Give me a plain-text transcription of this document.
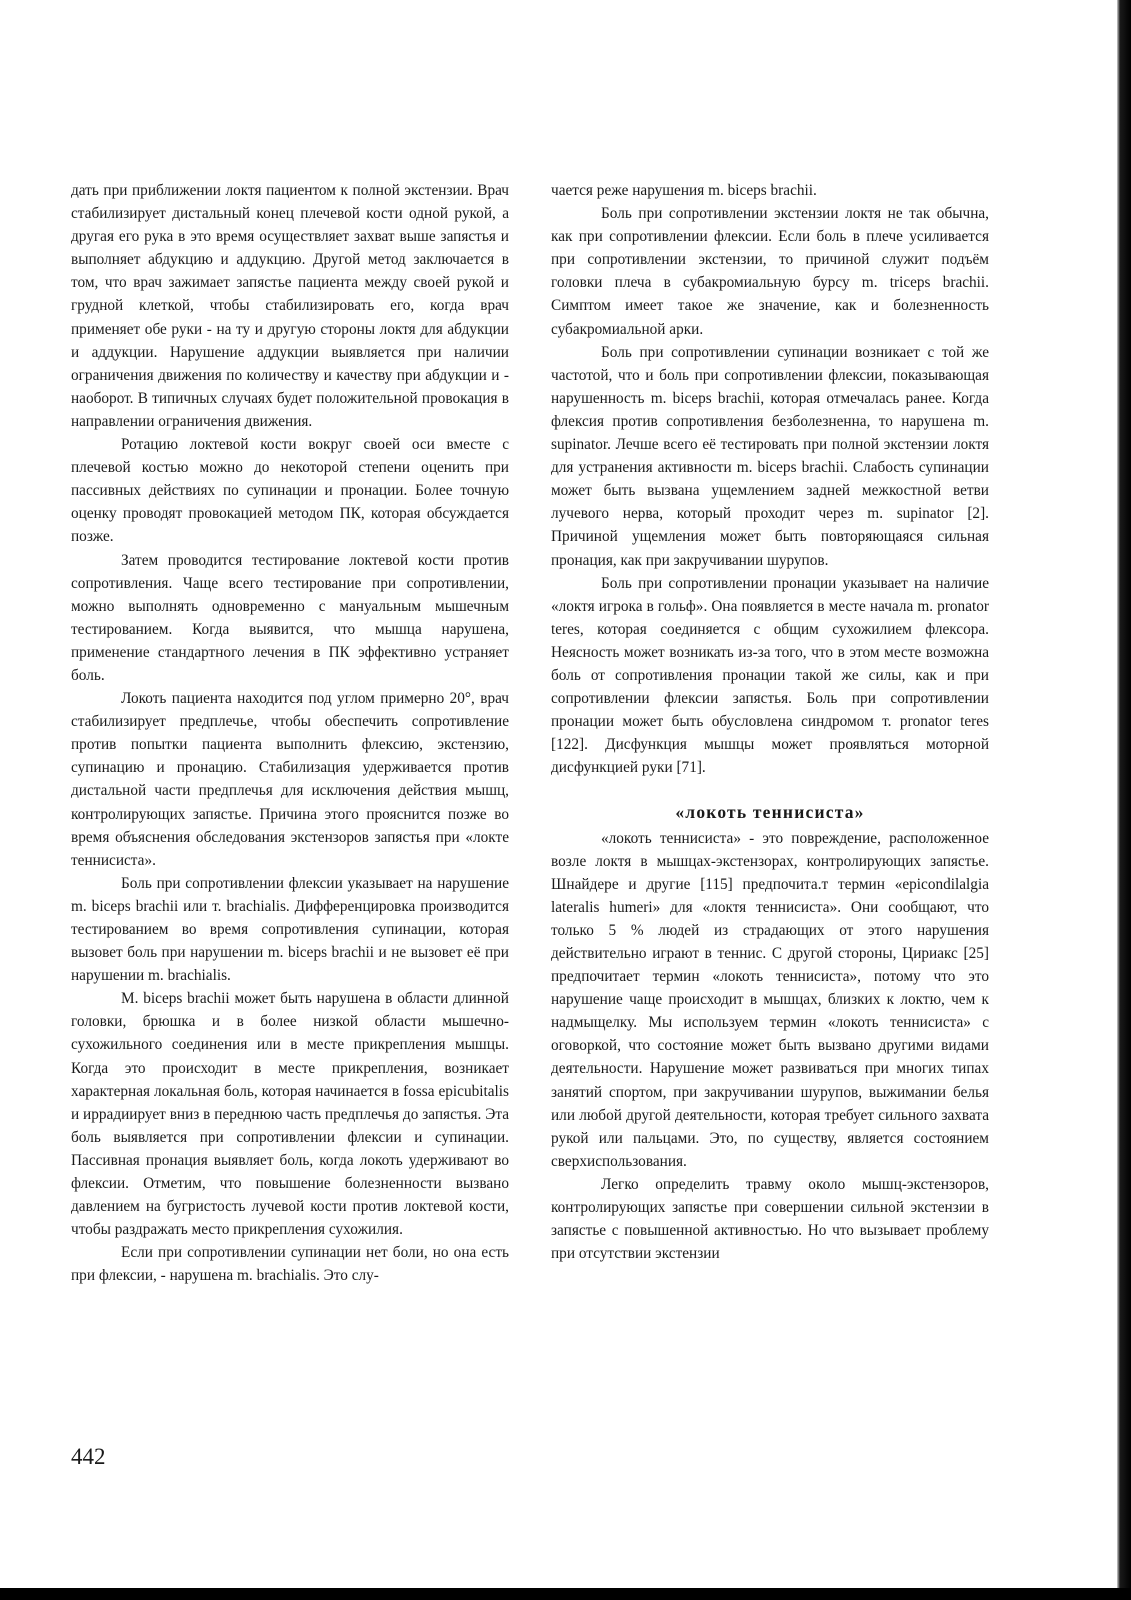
дать при приближении локтя пациентом к полной экстензии. Врач стабилизирует дистальный конец плечевой кости одной рукой, а другая его рука в это время осуществляет захват выше запястья и выполняет абдукцию и аддукцию. Другой метод заключается в том, что врач зажимает запястье пациента между своей рукой и грудной клеткой, чтобы стабилизировать его, когда врач применяет обе руки - на ту и другую стороны локтя для абдукции и аддукции. Нарушение аддукции выявляется при наличии ограничения движения по количеству и качеству при абдукции и - наоборот. В типичных случаях будет положительной провокация в направлении ограничения движения.

Ротацию локтевой кости вокруг своей оси вместе с плечевой костью можно до некоторой степени оценить при пассивных действиях по супинации и пронации. Более точную оценку проводят провокацией методом ПК, которая обсуждается позже.

Затем проводится тестирование локтевой кости против сопротивления. Чаще всего тестирование при сопротивлении, можно выполнять одновременно с мануальным мышечным тестированием. Когда выявится, что мышца нарушена, применение стандартного лечения в ПК эффективно устраняет боль.

Локоть пациента находится под углом примерно 20°, врач стабилизирует предплечье, чтобы обеспечить сопротивление против попытки пациента выполнить флексию, экстензию, супинацию и пронацию. Стабилизация удерживается против дистальной части предплечья для исключения действия мышц, контролирующих запястье. Причина этого прояснится позже во время объяснения обследования экстензоров запястья при «локте теннисиста».

Боль при сопротивлении флексии указывает на нарушение m. biceps brachii или т. brachialis. Дифференцировка производится тестированием во время сопротивления супинации, которая вызовет боль при нарушении m. biceps brachii и не вызовет её при нарушении m. brachialis.

M. biceps brachii может быть нарушена в области длинной головки, брюшка и в более низкой области мышечно-сухожильного соединения или в месте прикрепления мышцы. Когда это происходит в месте прикрепления, возникает характерная локальная боль, которая начинается в fossa epicubitalis и иррадиирует вниз в переднюю часть предплечья до запястья. Эта боль выявляется при сопротивлении флексии и супинации. Пассивная пронация выявляет боль, когда локоть удерживают во флексии. Отметим, что повышение болезненности вызвано давлением на бугристость лучевой кости против локтевой кости, чтобы раздражать место прикрепления сухожилия.

Если при сопротивлении супинации нет боли, но она есть при флексии, - нарушена m. brachialis. Это слу-

чается реже нарушения m. biceps brachii.

Боль при сопротивлении экстензии локтя не так обычна, как при сопротивлении флексии. Если боль в плече усиливается при сопротивлении экстензии, то причиной служит подъём головки плеча в субакромиальную бурсу m. triceps brachii. Симптом имеет такое же значение, как и болезненность субакромиальной арки.

Боль при сопротивлении супинации возникает с той же частотой, что и боль при сопротивлении флексии, показывающая нарушенность m. biceps brachii, которая отмечалась ранее. Когда флексия против сопротивления безболезненна, то нарушена m. supinator. Лечше всего её тестировать при полной экстензии локтя для устранения активности m. biceps brachii. Слабость супинации может быть вызвана ущемлением задней межкостной ветви лучевого нерва, который проходит через m. supinator [2]. Причиной ущемления может быть повторяющаяся сильная пронация, как при закручивании шурупов.

Боль при сопротивлении пронации указывает на наличие «локтя игрока в гольф». Она появляется в месте начала m. pronator teres, которая соединяется с общим сухожилием флексора. Неясность может возникать из-за того, что в этом месте возможна боль от сопротивления пронации такой же силы, как и при сопротивлении флексии запястья. Боль при сопротивлении пронации может быть обусловлена синдромом т. pronator teres [122]. Дисфункция мышцы может проявляться моторной дисфункцией руки [71].

«локоть теннисиста»

«локоть теннисиста» - это повреждение, расположенное возле локтя в мышцах-экстензорах, контролирующих запястье. Шнайдере и другие [115] предпочита.т термин «epicondilalgia lateralis humeri» для «локтя теннисиста». Они сообщают, что только 5 % людей из страдающих от этого нарушения действительно играют в теннис. С другой стороны, Цириакс [25] предпочитает термин «локоть теннисиста», потому что это нарушение чаще происходит в мышцах, близких к локтю, чем к надмыщелку. Мы используем термин «локоть теннисиста» с оговоркой, что состояние может быть вызвано другими видами деятельности. Нарушение может развиваться при многих типах занятий спортом, при закручивании шурупов, выжимании белья или любой другой деятельности, которая требует сильного захвата рукой или пальцами. Это, по существу, является состоянием сверхиспользования.

Легко определить травму около мышц-экстензоров, контролирующих запястье при совершении сильной экстензии в запястье с повышенной активностью. Но что вызывает проблему при отсутствии экстензии

442
